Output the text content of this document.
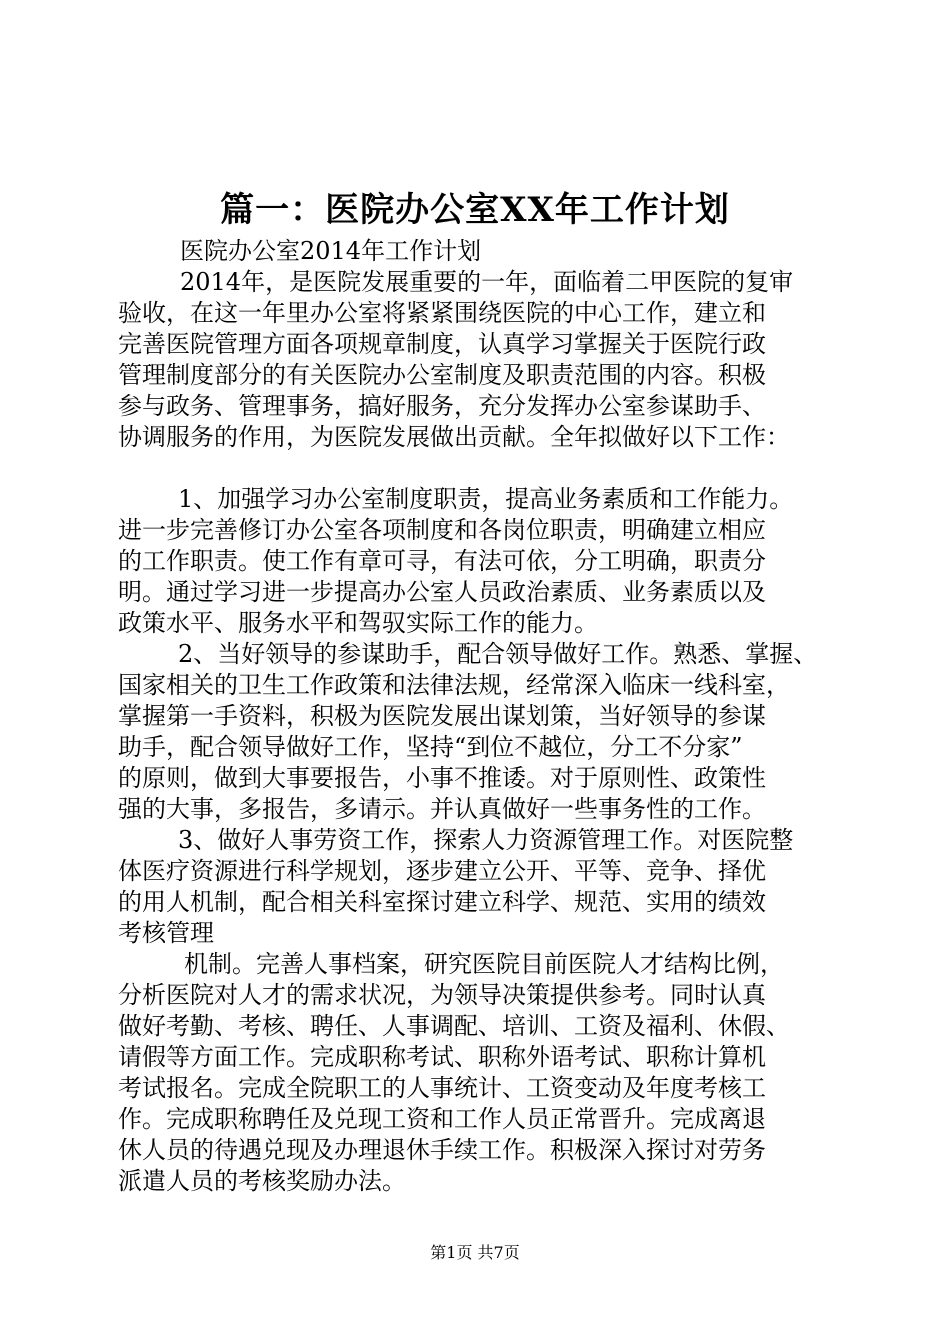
篇一：医院办公室XX年工作计划
医院办公室2014年工作计划
2014年，是医院发展重要的一年，面临着二甲医院的复审
验收，在这一年里办公室将紧紧围绕医院的中心工作，建立和
完善医院管理方面各项规章制度，认真学习掌握关于医院行政
管理制度部分的有关医院办公室制度及职责范围的内容。积极
参与政务、管理事务，搞好服务，充分发挥办公室参谋助手、
协调服务的作用，为医院发展做出贡献。全年拟做好以下工作：
1、加强学习办公室制度职责，提高业务素质和工作能力。
进一步完善修订办公室各项制度和各岗位职责，明确建立相应
的工作职责。使工作有章可寻，有法可依，分工明确，职责分
明。通过学习进一步提高办公室人员政治素质、业务素质以及
政策水平、服务水平和驾驭实际工作的能力。
2、当好领导的参谋助手，配合领导做好工作。熟悉、掌握、
国家相关的卫生工作政策和法律法规，经常深入临床一线科室，
掌握第一手资料，积极为医院发展出谋划策，当好领导的参谋
助手，配合领导做好工作，坚持“到位不越位，分工不分家”
的原则，做到大事要报告，小事不推诿。对于原则性、政策性
强的大事，多报告，多请示。并认真做好一些事务性的工作。
3、做好人事劳资工作，探索人力资源管理工作。对医院整
体医疗资源进行科学规划，逐步建立公开、平等、竞争、择优
的用人机制，配合相关科室探讨建立科学、规范、实用的绩效
考核管理
机制。完善人事档案，研究医院目前医院人才结构比例，
分析医院对人才的需求状况，为领导决策提供参考。同时认真
做好考勤、考核、聘任、人事调配、培训、工资及福利、休假、
请假等方面工作。完成职称考试、职称外语考试、职称计算机
考试报名。完成全院职工的人事统计、工资变动及年度考核工
作。完成职称聘任及兑现工资和工作人员正常晋升。完成离退
休人员的待遇兑现及办理退休手续工作。积极深入探讨对劳务
派遣人员的考核奖励办法。
第1页 共7页
